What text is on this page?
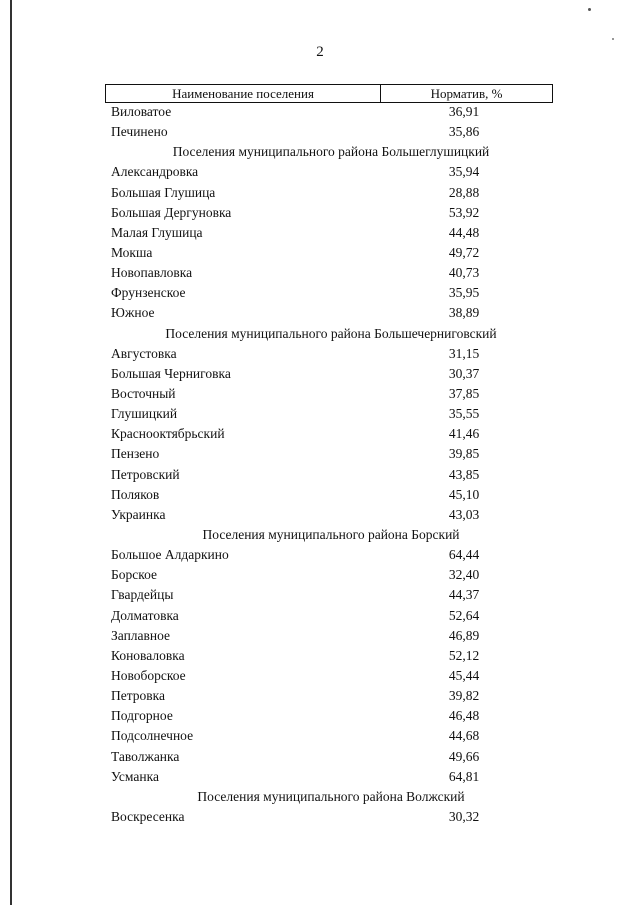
2
Наименование поселения	Норматив, %
Виловатое	36,91
Печинено	35,86
Поселения муниципального района Большеглушицкий
Александровка	35,94
Большая Глушица	28,88
Большая Дергуновка	53,92
Малая Глушица	44,48
Мокша	49,72
Новопавловка	40,73
Фрунзенское	35,95
Южное	38,89
Поселения муниципального района Большечерниговский
Августовка	31,15
Большая Черниговка	30,37
Восточный	37,85
Глушицкий	35,55
Краснооктябрьский	41,46
Пензено	39,85
Петровский	43,85
Поляков	45,10
Украинка	43,03
Поселения муниципального района Борский
Большое Алдаркино	64,44
Борское	32,40
Гвардейцы	44,37
Долматовка	52,64
Заплавное	46,89
Коноваловка	52,12
Новоборское	45,44
Петровка	39,82
Подгорное	46,48
Подсолнечное	44,68
Таволжанка	49,66
Усманка	64,81
Поселения муниципального района Волжский
Воскресенка	30,32
